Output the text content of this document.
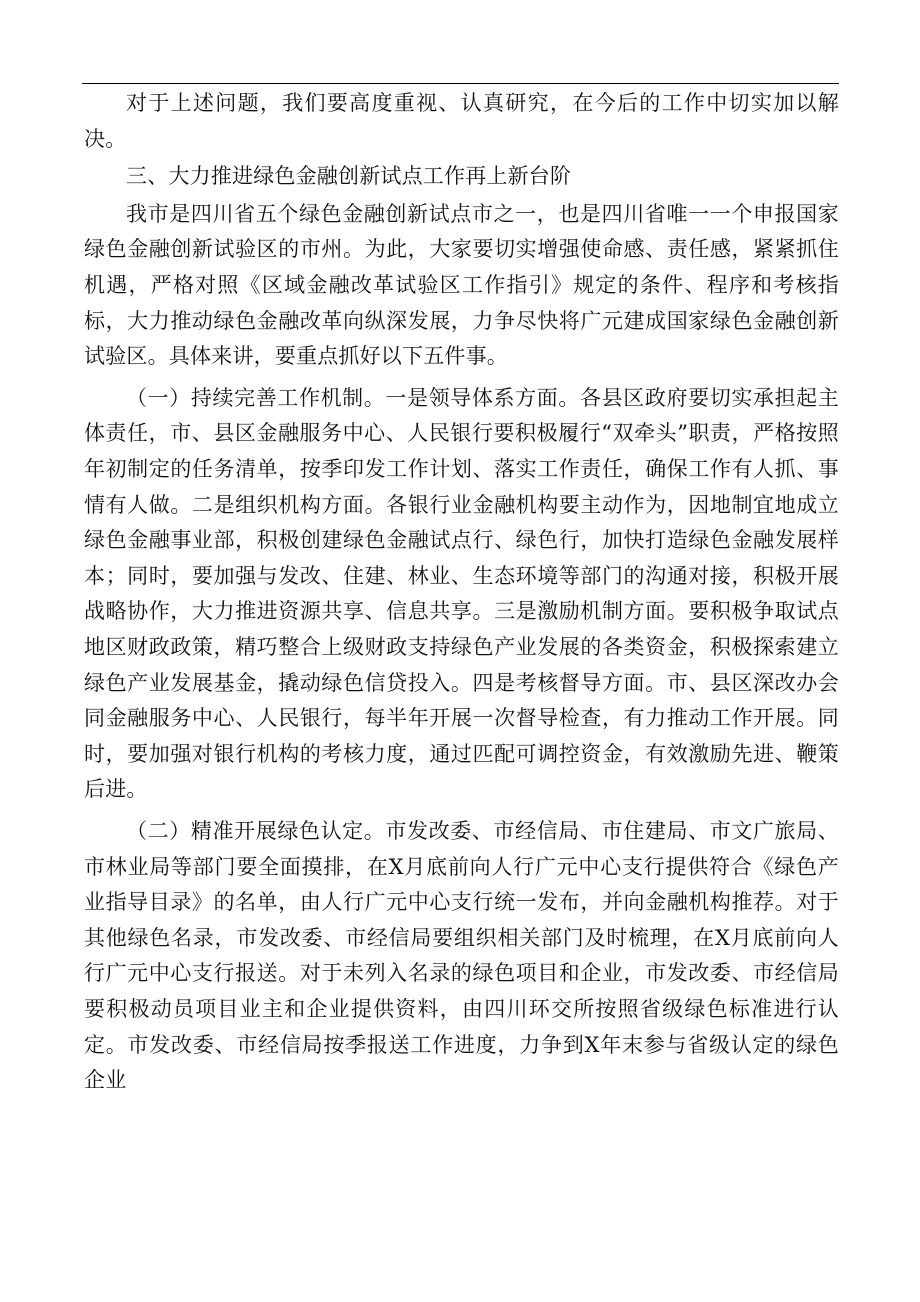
对于上述问题，我们要高度重视、认真研究，在今后的工作中切实加以解决。

三、大力推进绿色金融创新试点工作再上新台阶

我市是四川省五个绿色金融创新试点市之一，也是四川省唯一一个申报国家绿色金融创新试验区的市州。为此，大家要切实增强使命感、责任感，紧紧抓住机遇，严格对照《区域金融改革试验区工作指引》规定的条件、程序和考核指标，大力推动绿色金融改革向纵深发展，力争尽快将广元建成国家绿色金融创新试验区。具体来讲，要重点抓好以下五件事。

（一）持续完善工作机制。一是领导体系方面。各县区政府要切实承担起主体责任，市、县区金融服务中心、人民银行要积极履行“双牵头”职责，严格按照年初制定的任务清单，按季印发工作计划、落实工作责任，确保工作有人抓、事情有人做。二是组织机构方面。各银行业金融机构要主动作为，因地制宜地成立绿色金融事业部，积极创建绿色金融试点行、绿色行，加快打造绿色金融发展样本；同时，要加强与发改、住建、林业、生态环境等部门的沟通对接，积极开展战略协作，大力推进资源共享、信息共享。三是激励机制方面。要积极争取试点地区财政政策，精巧整合上级财政支持绿色产业发展的各类资金，积极探索建立绿色产业发展基金，撬动绿色信贷投入。四是考核督导方面。市、县区深改办会同金融服务中心、人民银行，每半年开展一次督导检查，有力推动工作开展。同时，要加强对银行机构的考核力度，通过匹配可调控资金，有效激励先进、鞭策后进。

（二）精准开展绿色认定。市发改委、市经信局、市住建局、市文广旅局、市林业局等部门要全面摸排，在X月底前向人行广元中心支行提供符合《绿色产业指导目录》的名单，由人行广元中心支行统一发布，并向金融机构推荐。对于其他绿色名录，市发改委、市经信局要组织相关部门及时梳理，在X月底前向人行广元中心支行报送。对于未列入名录的绿色项目和企业，市发改委、市经信局要积极动员项目业主和企业提供资料，由四川环交所按照省级绿色标准进行认定。市发改委、市经信局按季报送工作进度，力争到X年末参与省级认定的绿色企业
